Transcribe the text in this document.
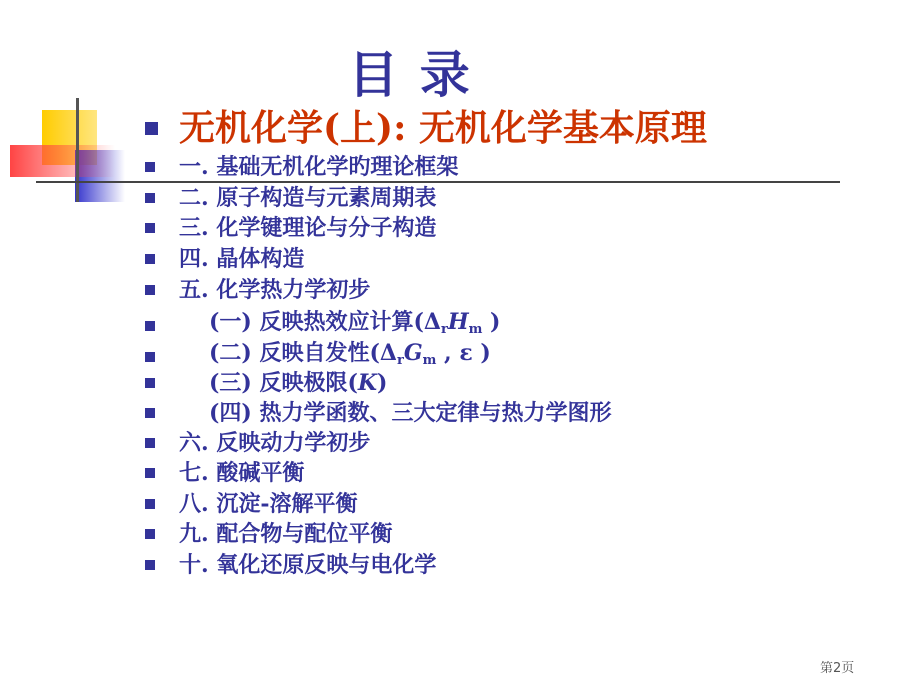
目 录
无机化学(上): 无机化学基本原理
一. 基础无机化学旳理论框架
二. 原子构造与元素周期表
三. 化学键理论与分子构造
四. 晶体构造
五. 化学热力学初步
(一) 反映热效应计算($\Delta_rH_m$ )
(二) 反映自发性($\Delta_rG_m$ , ε )
(三) 反映极限(K)
(四) 热力学函数、三大定律与热力学图形
六. 反映动力学初步
七. 酸碱平衡
八. 沉淀-溶解平衡
九. 配合物与配位平衡
十. 氧化还原反映与电化学
第2页
